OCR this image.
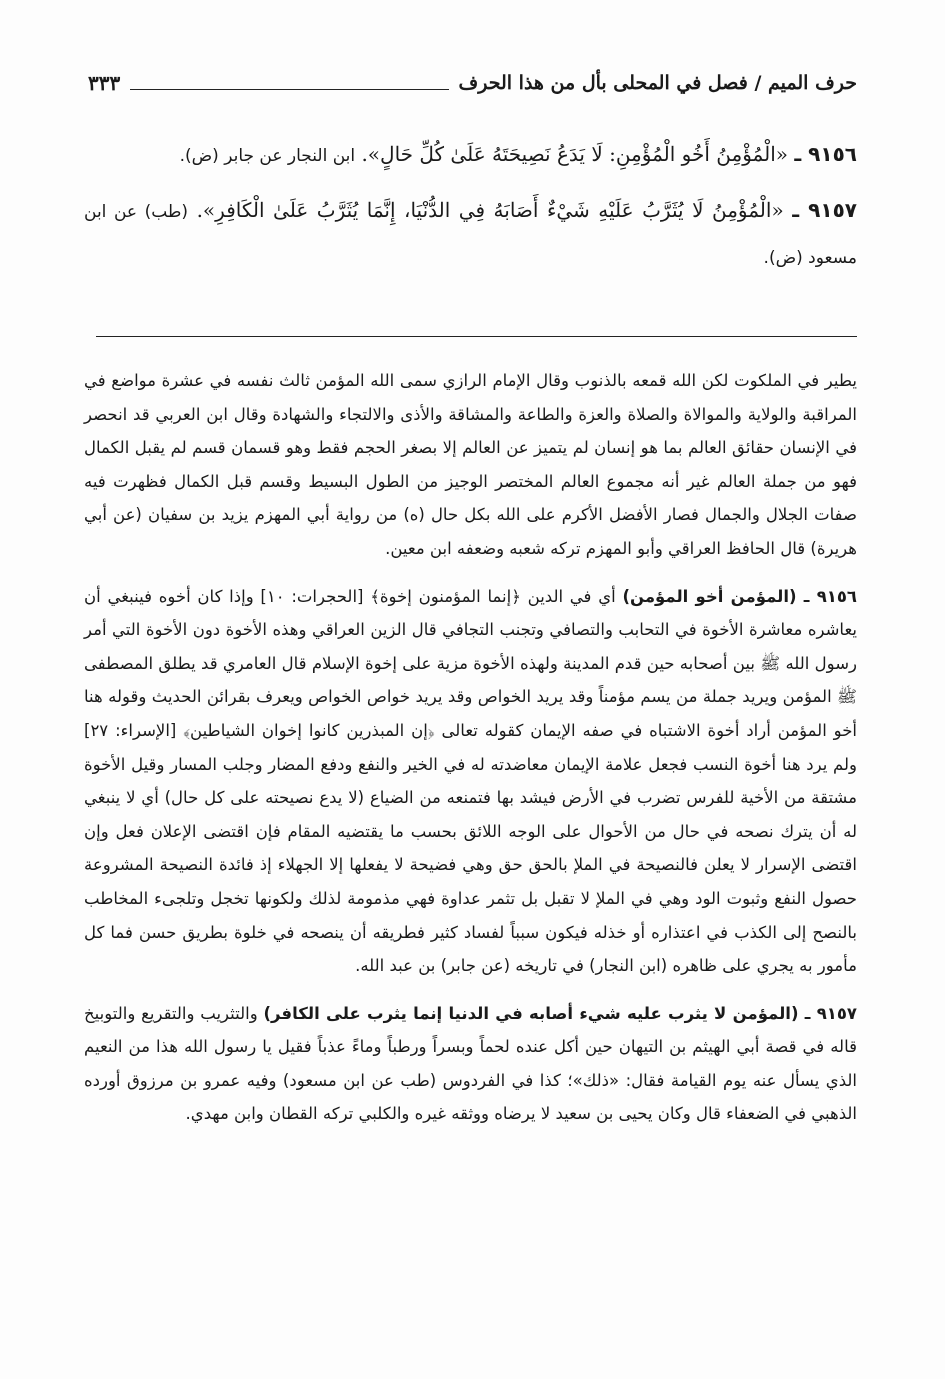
حرف الميم / فصل في المحلى بأل من هذا الحرف
٣٣٣

٩١٥٦ ـ «الْمُؤْمِنُ أَخُو الْمُؤْمِنِ: لَا يَدَعُ نَصِيحَتَهُ عَلَىٰ كُلِّ حَالٍ». ابن النجار عن جابر (ض).

٩١٥٧ ـ «الْمُؤْمِنُ لَا يُثَرَّبُ عَلَيْهِ شَيْءٌ أَصَابَهُ فِي الدُّنْيَا، إِنَّمَا يُثَرَّبُ عَلَىٰ الْكَافِرِ». (طب) عن ابن مسعود (ض).

يطير في الملكوت لكن الله قمعه بالذنوب وقال الإمام الرازي سمى الله المؤمن ثالث نفسه في عشرة مواضع في المراقبة والولاية والموالاة والصلاة والعزة والطاعة والمشاقة والأذى والالتجاء والشهادة وقال ابن العربي قد انحصر في الإنسان حقائق العالم بما هو إنسان لم يتميز عن العالم إلا بصغر الحجم فقط وهو قسمان قسم لم يقبل الكمال فهو من جملة العالم غير أنه مجموع العالم المختصر الوجيز من الطول البسيط وقسم قبل الكمال فظهرت فيه صفات الجلال والجمال فصار الأفضل الأكرم على الله بكل حال (ه) من رواية أبي المهزم يزيد بن سفيان (عن أبي هريرة) قال الحافظ العراقي وأبو المهزم تركه شعبه وضعفه ابن معين.

٩١٥٦ ـ (المؤمن أخو المؤمن) أي في الدين ﴿إنما المؤمنون إخوة﴾ [الحجرات: ١٠] وإذا كان أخوه فينبغي أن يعاشره معاشرة الأخوة في التحابب والتصافي وتجنب التجافي قال الزين العراقي وهذه الأخوة دون الأخوة التي أمر رسول الله ﷺ بين أصحابه حين قدم المدينة ولهذه الأخوة مزية على إخوة الإسلام قال العامري قد يطلق المصطفى ﷺ المؤمن ويريد جملة من يسم مؤمناً وقد يريد الخواص وقد يريد خواص الخواص ويعرف بقرائن الحديث وقوله هنا أخو المؤمن أراد أخوة الاشتباه في صفه الإيمان كقوله تعالى ﴿إن المبذرين كانوا إخوان الشياطين﴾ [الإسراء: ٢٧] ولم يرد هنا أخوة النسب فجعل علامة الإيمان معاضدته له في الخير والنفع ودفع المضار وجلب المسار وقيل الأخوة مشتقة من الأخية للفرس تضرب في الأرض فيشد بها فتمنعه من الضياع (لا يدع نصيحته على كل حال) أي لا ينبغي له أن يترك نصحه في حال من الأحوال على الوجه اللائق بحسب ما يقتضيه المقام فإن اقتضى الإعلان فعل وإن اقتضى الإسرار لا يعلن فالنصيحة في الملإ بالحق حق وهي فضيحة لا يفعلها إلا الجهلاء إذ فائدة النصيحة المشروعة حصول النفع وثبوت الود وهي في الملإ لا تقبل بل تثمر عداوة فهي مذمومة لذلك ولكونها تخجل وتلجىء المخاطب بالنصح إلى الكذب في اعتذاره أو خذله فيكون سبباً لفساد كثير فطريقه أن ينصحه في خلوة بطريق حسن فما كل مأمور به يجري على ظاهره (ابن النجار) في تاريخه (عن جابر) بن عبد الله.

٩١٥٧ ـ (المؤمن لا يثرب عليه شيء أصابه في الدنيا إنما يثرب على الكافر) والتثريب والتقريع والتوبيخ قاله في قصة أبي الهيثم بن التيهان حين أكل عنده لحماً وبسراً ورطباً وماءً عذباً فقيل يا رسول الله هذا من النعيم الذي يسأل عنه يوم القيامة فقال: «ذلك»؛ كذا في الفردوس (طب عن ابن مسعود) وفيه عمرو بن مرزوق أورده الذهبي في الضعفاء قال وكان يحيى بن سعيد لا يرضاه ووثقه غيره والكلبي تركه القطان وابن مهدي.
